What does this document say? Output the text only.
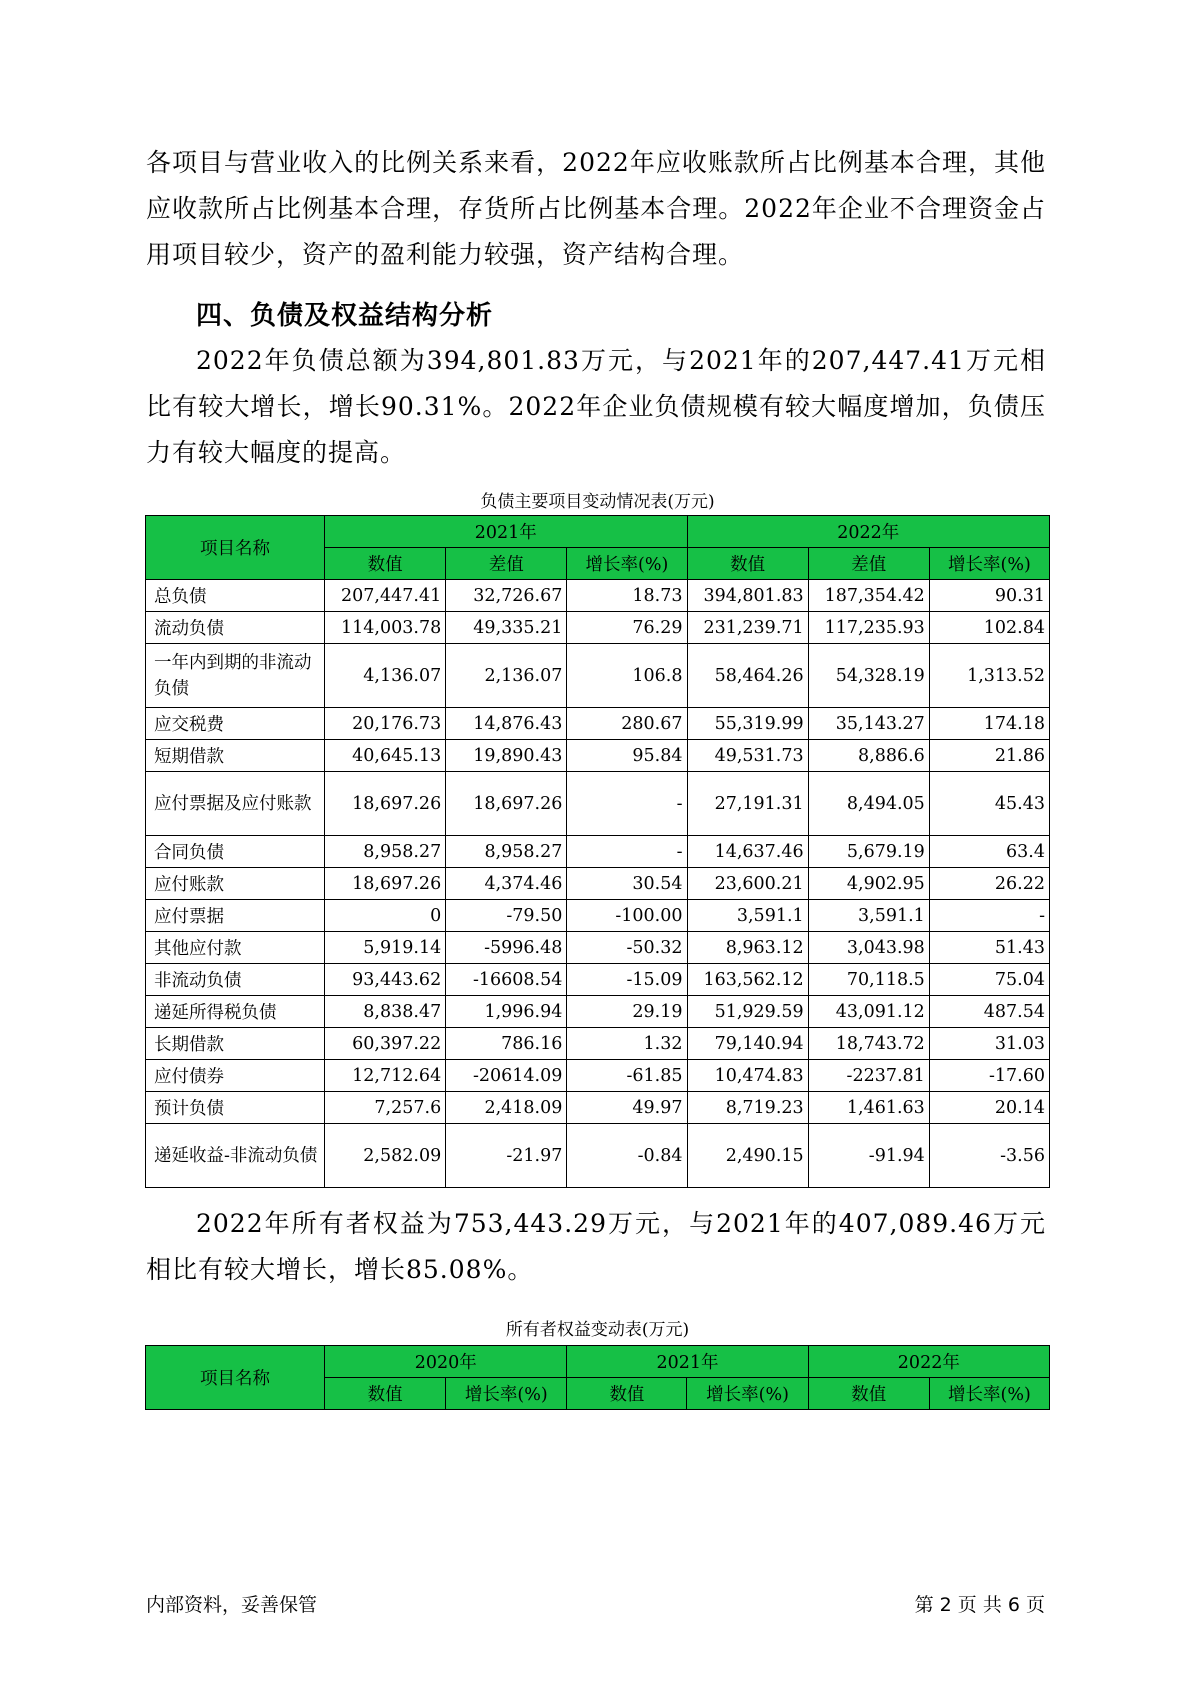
各项目与营业收入的比例关系来看，2022年应收账款所占比例基本合理，其他应收款所占比例基本合理，存货所占比例基本合理。2022年企业不合理资金占用项目较少，资产的盈利能力较强，资产结构合理。

四、负债及权益结构分析

2022年负债总额为394,801.83万元，与2021年的207,447.41万元相比有较大增长，增长90.31%。2022年企业负债规模有较大幅度增加，负债压力有较大幅度的提高。

负债主要项目变动情况表(万元)

项目名称	2021年			2022年		
	数值	差值	增长率(%)	数值	差值	增长率(%)
总负债	207,447.41	32,726.67	18.73	394,801.83	187,354.42	90.31
流动负债	114,003.78	49,335.21	76.29	231,239.71	117,235.93	102.84
一年内到期的非流动负债	4,136.07	2,136.07	106.8	58,464.26	54,328.19	1,313.52
应交税费	20,176.73	14,876.43	280.67	55,319.99	35,143.27	174.18
短期借款	40,645.13	19,890.43	95.84	49,531.73	8,886.6	21.86
应付票据及应付账款	18,697.26	18,697.26	-	27,191.31	8,494.05	45.43
合同负债	8,958.27	8,958.27	-	14,637.46	5,679.19	63.4
应付账款	18,697.26	4,374.46	30.54	23,600.21	4,902.95	26.22
应付票据	0	-79.50	-100.00	3,591.1	3,591.1	-
其他应付款	5,919.14	-5996.48	-50.32	8,963.12	3,043.98	51.43
非流动负债	93,443.62	-16608.54	-15.09	163,562.12	70,118.5	75.04
递延所得税负债	8,838.47	1,996.94	29.19	51,929.59	43,091.12	487.54
长期借款	60,397.22	786.16	1.32	79,140.94	18,743.72	31.03
应付债券	12,712.64	-20614.09	-61.85	10,474.83	-2237.81	-17.60
预计负债	7,257.6	2,418.09	49.97	8,719.23	1,461.63	20.14
递延收益-非流动负债	2,582.09	-21.97	-0.84	2,490.15	-91.94	-3.56

2022年所有者权益为753,443.29万元，与2021年的407,089.46万元相比有较大增长，增长85.08%。

所有者权益变动表(万元)

项目名称	2020年		2021年		2022年	
	数值	增长率(%)	数值	增长率(%)	数值	增长率(%)
内部资料，妥善保管	第 2 页 共 6 页
